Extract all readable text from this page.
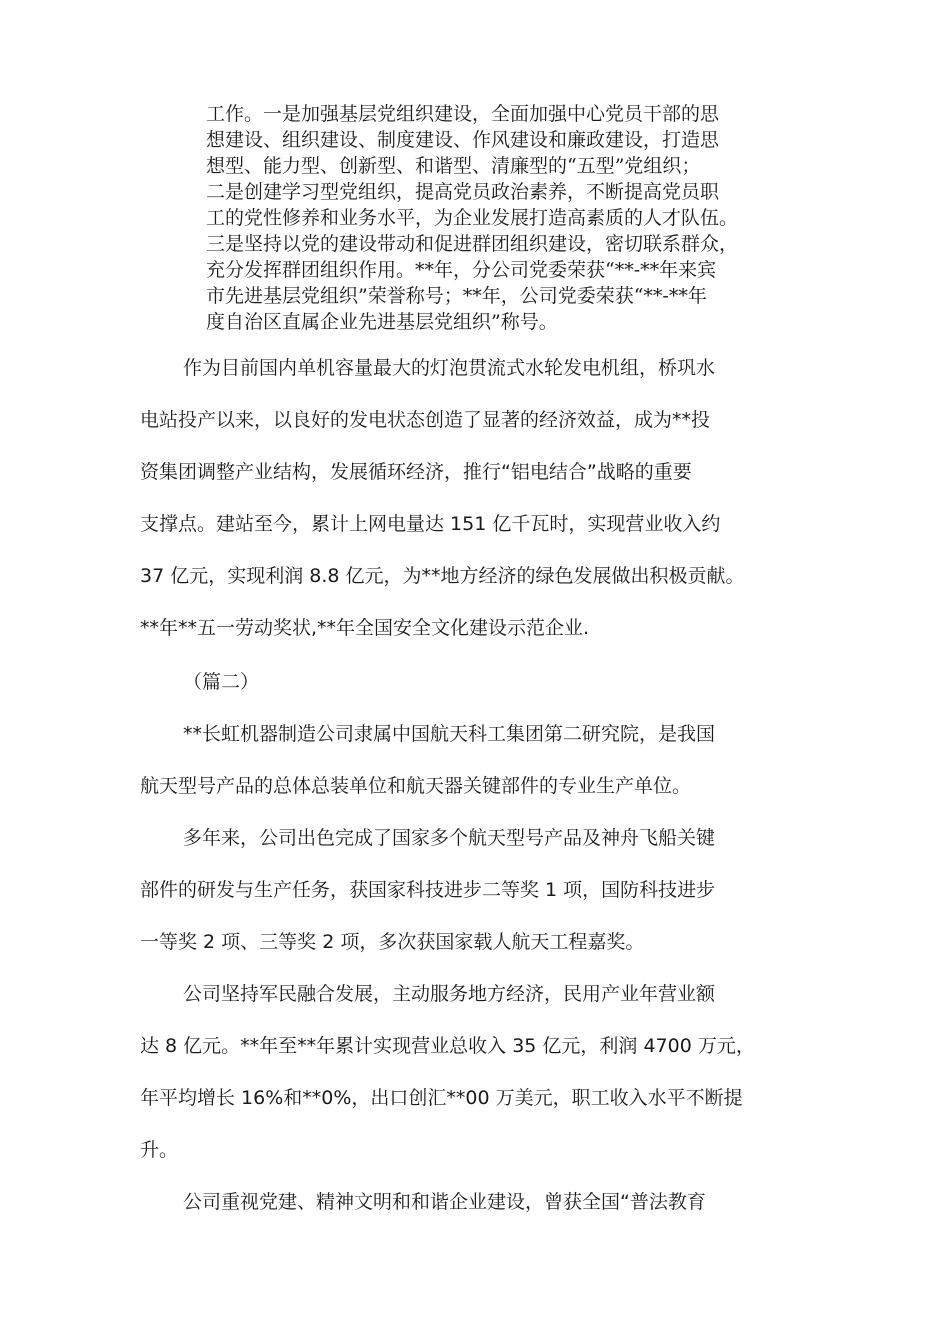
工作。一是加强基层党组织建设，全面加强中心党员干部的思
想建设、组织建设、制度建设、作风建设和廉政建设，打造思
想型、能力型、创新型、和谐型、清廉型的“五型”党组织；
二是创建学习型党组织，提高党员政治素养，不断提高党员职
工的党性修养和业务水平，为企业发展打造高素质的人才队伍。
三是坚持以党的建设带动和促进群团组织建设，密切联系群众，
充分发挥群团组织作用。**年，分公司党委荣获“**-**年来宾
市先进基层党组织”荣誉称号；**年，公司党委荣获“**-**年
度自治区直属企业先进基层党组织”称号。
作为目前国内单机容量最大的灯泡贯流式水轮发电机组，桥巩水
电站投产以来，以良好的发电状态创造了显著的经济效益，成为**投
资集团调整产业结构，发展循环经济，推行“铝电结合”战略的重要
支撑点。建站至今，累计上网电量达 151 亿千瓦时，实现营业收入约
37 亿元，实现利润 8.8 亿元，为**地方经济的绿色发展做出积极贡献。
**年**五一劳动奖状,**年全国安全文化建设示范企业.
（篇二）
**长虹机器制造公司隶属中国航天科工集团第二研究院，是我国
航天型号产品的总体总装单位和航天器关键部件的专业生产单位。
多年来，公司出色完成了国家多个航天型号产品及神舟飞船关键
部件的研发与生产任务，获国家科技进步二等奖 1 项，国防科技进步
一等奖 2 项、三等奖 2 项，多次获国家载人航天工程嘉奖。
公司坚持军民融合发展，主动服务地方经济，民用产业年营业额
达 8 亿元。**年至**年累计实现营业总收入 35 亿元，利润 4700 万元，
年平均增长 16%和**0%，出口创汇**00 万美元，职工收入水平不断提
升。
公司重视党建、精神文明和和谐企业建设，曾获全国“普法教育
